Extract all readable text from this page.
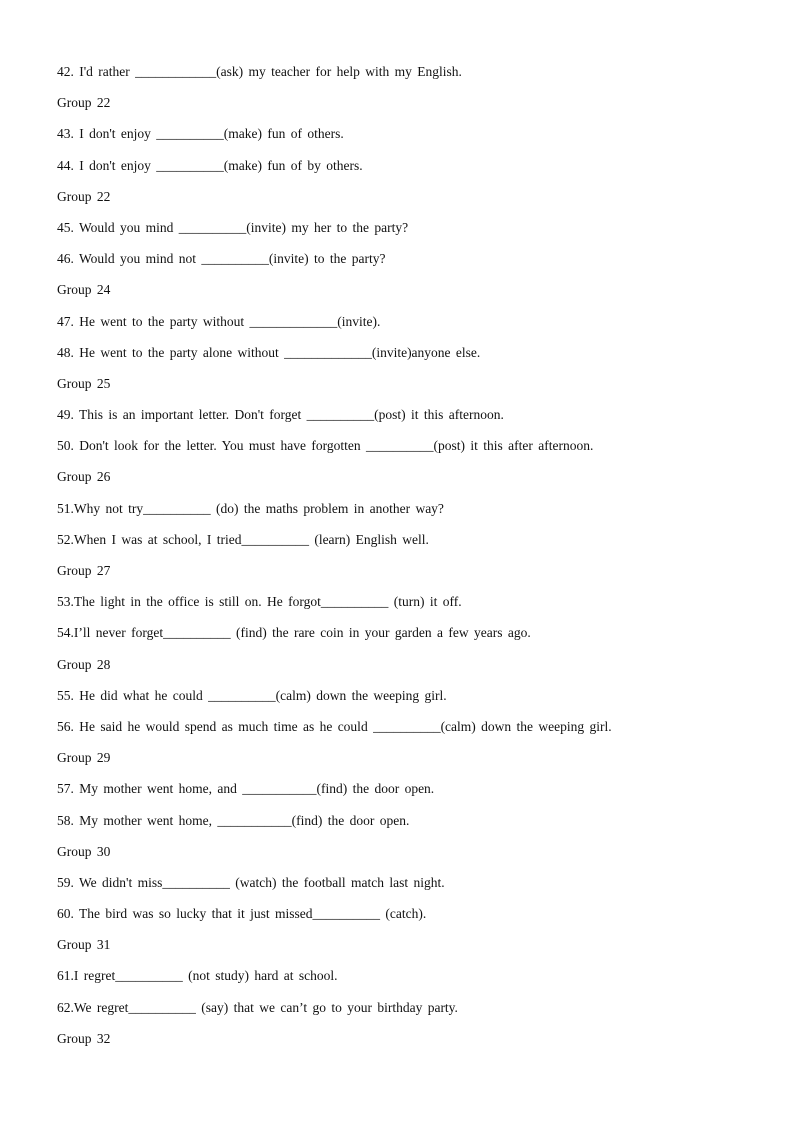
42. I'd rather ____________(ask) my teacher for help with my English.
Group 22
43. I don't enjoy __________(make) fun of others.
44. I don't enjoy __________(make) fun of by others.
Group 22
45. Would you mind __________(invite) my her to the party?
46. Would you mind not __________(invite) to the party?
Group 24
47. He went to the party without _____________(invite).
48. He went to the party alone without _____________(invite)anyone else.
Group 25
49. This is an important letter. Don't forget __________(post) it this afternoon.
50. Don't look for the letter. You must have forgotten __________(post) it this after afternoon.
Group 26
51.Why not try__________ (do) the maths problem in another way?
52.When I was at school, I tried__________ (learn) English well.
Group 27
53.The light in the office is still on. He forgot__________ (turn) it off.
54.I’ll never forget__________ (find) the rare coin in your garden a few years ago.
Group 28
55. He did what he could __________(calm) down the weeping girl.
56. He said he would spend as much time as he could __________(calm) down the weeping girl.
Group 29
57. My mother went home, and ___________(find) the door open.
58. My mother went home, ___________(find) the door open.
Group 30
59. We didn't miss__________ (watch) the football match last night.
60. The bird was so lucky that it just missed__________ (catch).
Group 31
61.I regret__________ (not study) hard at school.
62.We regret__________ (say) that we can’t go to your birthday party.
Group 32
